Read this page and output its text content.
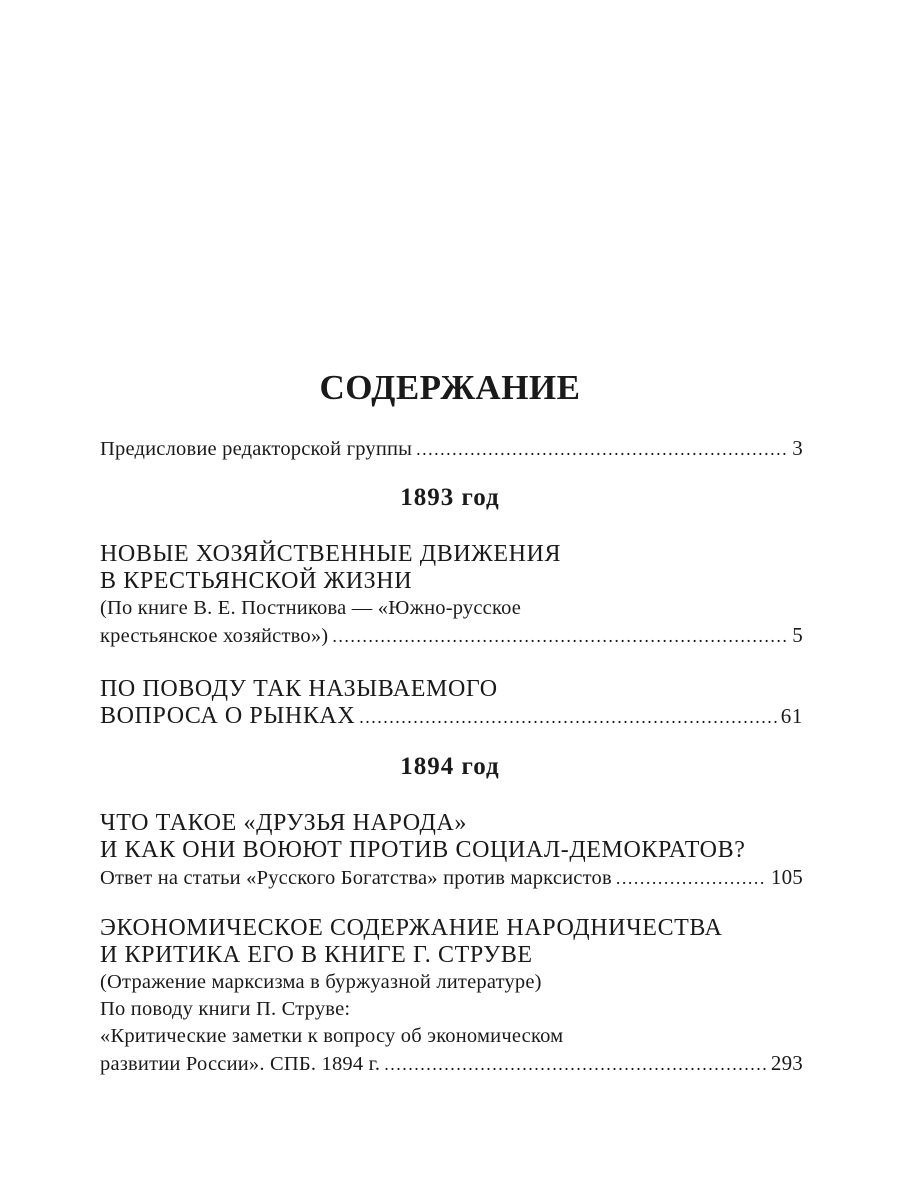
СОДЕРЖАНИЕ
Предисловие редакторской группы .....	3
1893 год
НОВЫЕ ХОЗЯЙСТВЕННЫЕ ДВИЖЕНИЯ
В КРЕСТЬЯНСКОЙ ЖИЗНИ
(По книге В. Е. Постникова — «Южно-русское
крестьянское хозяйство») .....	5
ПО ПОВОДУ ТАК НАЗЫВАЕМОГО
ВОПРОСА О РЫНКАХ .....	61
1894 год
ЧТО ТАКОЕ «ДРУЗЬЯ НАРОДА»
И КАК ОНИ ВОЮЮТ ПРОТИВ СОЦИАЛ-ДЕМОКРАТОВ?
Ответ на статьи «Русского Богатства» против марксистов .....	105
ЭКОНОМИЧЕСКОЕ СОДЕРЖАНИЕ НАРОДНИЧЕСТВА
И КРИТИКА ЕГО В КНИГЕ Г. СТРУВЕ
(Отражение марксизма в буржуазной литературе)
По поводу книги П. Струве:
«Критические заметки к вопросу об экономическом
развитии России». СПБ. 1894 г. .....	293
